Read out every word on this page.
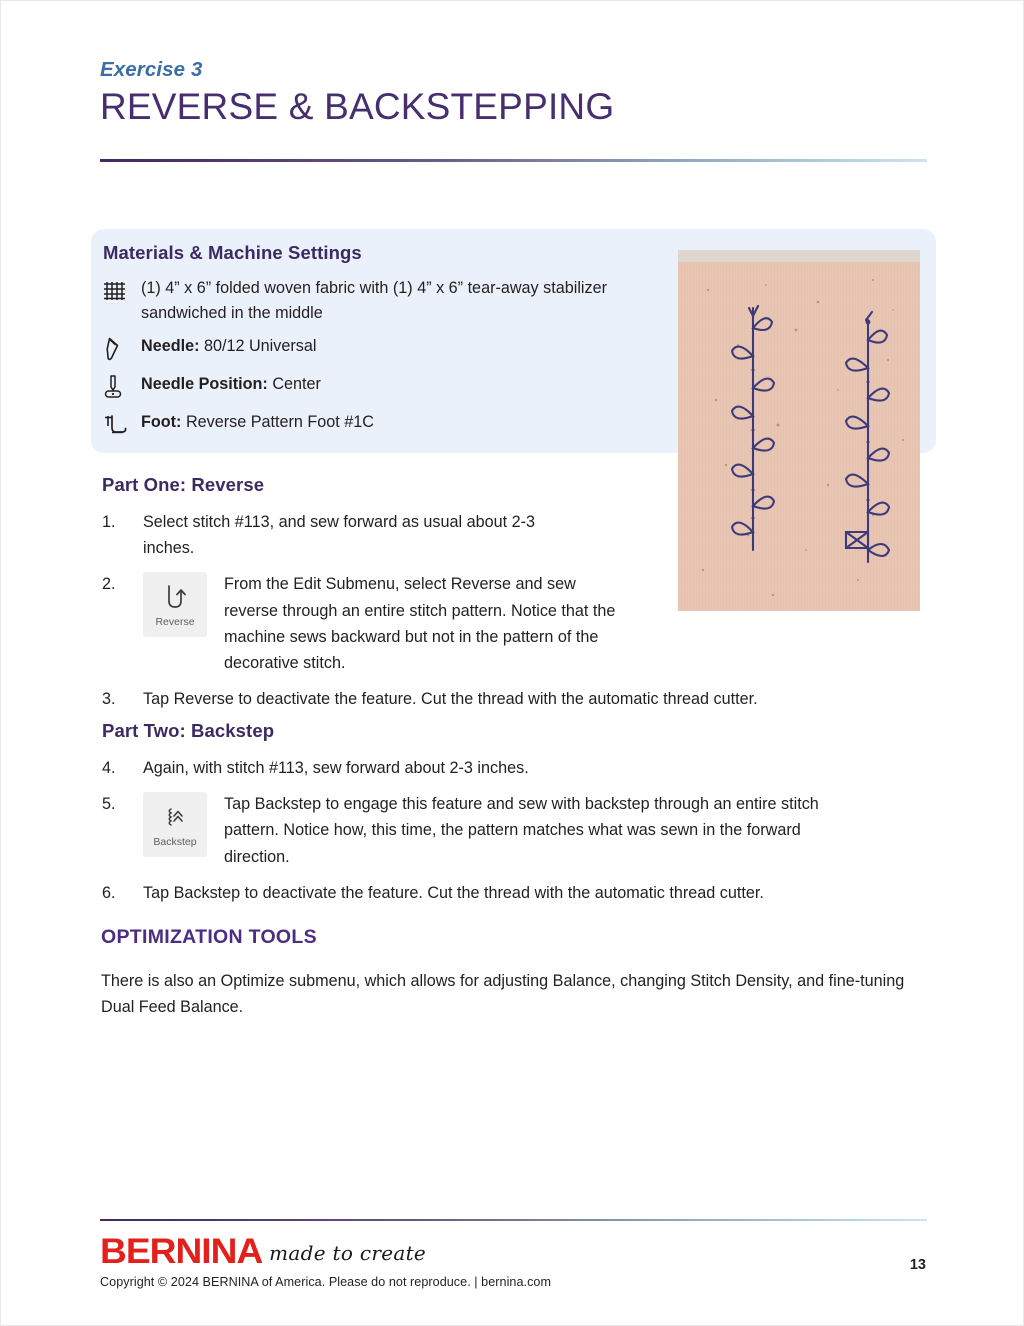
Exercise 3
REVERSE & BACKSTEPPING
Materials & Machine Settings
(1) 4” x 6” folded woven fabric with (1) 4” x 6” tear-away stabilizer sandwiched in the middle
Needle: 80/12 Universal
Needle Position: Center
Foot: Reverse Pattern Foot #1C
Part One: Reverse
1.	Select stitch #113, and sew forward as usual about 2-3 inches.
2.
Reverse
From the Edit Submenu, select Reverse and sew reverse through an entire stitch pattern. Notice that the machine sews backward but not in the pattern of the decorative stitch.
3.	Tap Reverse to deactivate the feature. Cut the thread with the automatic thread cutter.
Part Two: Backstep
4.	Again, with stitch #113, sew forward about 2-3 inches.
5.
Backstep
Tap Backstep to engage this feature and sew with backstep through an entire stitch pattern. Notice how, this time, the pattern matches what was sewn in the forward direction.
6.	Tap Backstep to deactivate the feature. Cut the thread with the automatic thread cutter.
OPTIMIZATION TOOLS
There is also an Optimize submenu, which allows for adjusting Balance, changing Stitch Density, and fine-tuning Dual Feed Balance.
BERNINA made to create
Copyright © 2024 BERNINA of America. Please do not reproduce. | bernina.com
13
